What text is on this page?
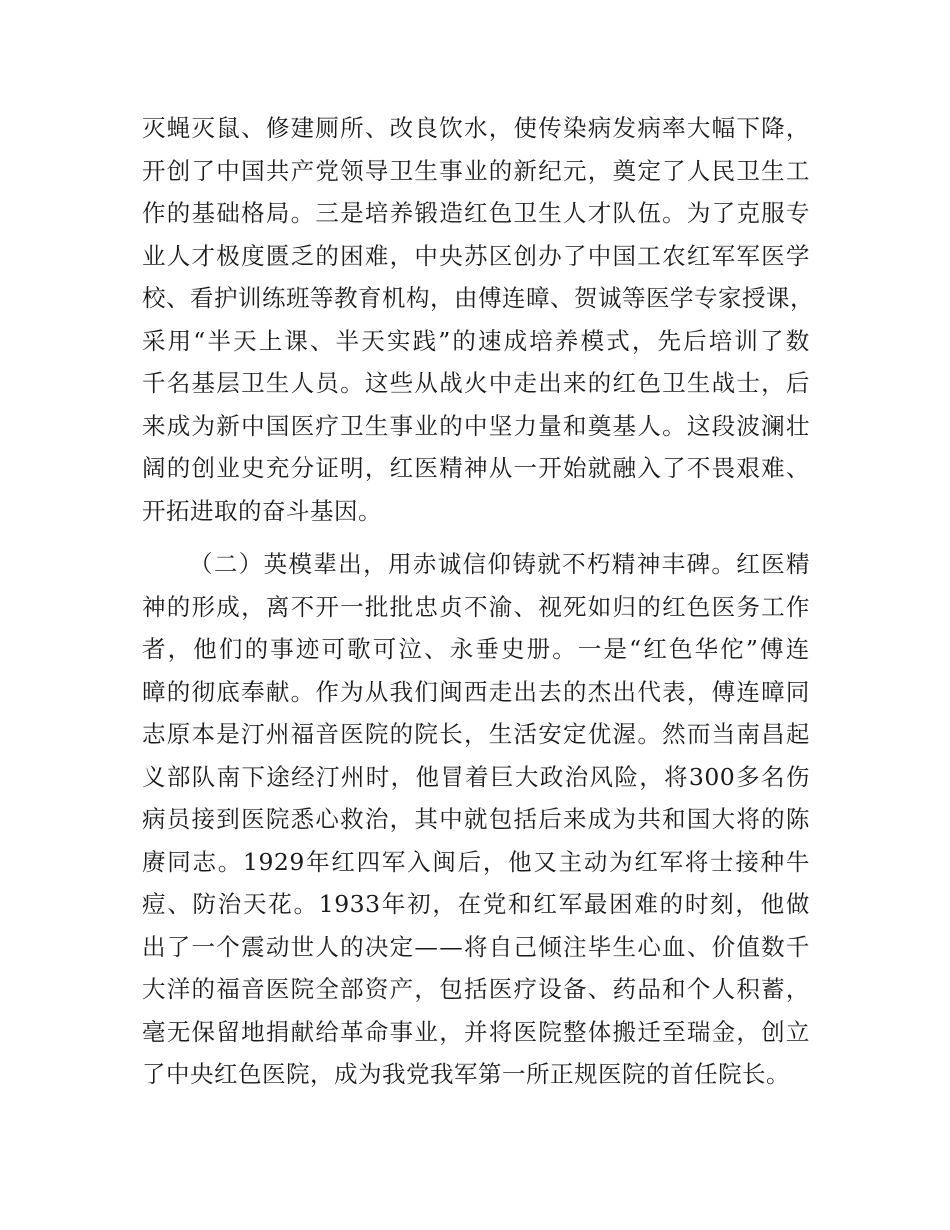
灭 蝇 灭 鼠 、 修 建 厕 所 、 改 良 饮 水 ， 使 传 染 病 发 病 率 大 幅 下 降 ，
开 创 了 中 国 共 产 党 领 导 卫 生 事 业 的 新 纪 元 ， 奠 定 了 人 民 卫 生 工
作 的 基 础 格 局 。 三 是 培 养 锻 造 红 色 卫 生 人 才 队 伍 。 为 了 克 服 专
业 人 才 极 度 匮 乏 的 困 难 ， 中 央 苏 区 创 办 了 中 国 工 农 红 军 军 医 学
校 、 看 护 训 练 班 等 教 育 机 构 ， 由 傅 连 暲 、 贺 诚 等 医 学 专 家 授 课 ，
采 用 “ 半 天 上 课 、 半 天 实 践 ” 的 速 成 培 养 模 式 ， 先 后 培 训 了 数
千 名 基 层 卫 生 人 员 。 这 些 从 战 火 中 走 出 来 的 红 色 卫 生 战 士 ， 后
来 成 为 新 中 国 医 疗 卫 生 事 业 的 中 坚 力 量 和 奠 基 人 。 这 段 波 澜 壮
阔 的 创 业 史 充 分 证 明 ， 红 医 精 神 从 一 开 始 就 融 入 了 不 畏 艰 难 、
开拓进取的奋斗基因。
（ 二 ） 英 模 辈 出 ， 用 赤 诚 信 仰 铸 就 不 朽 精 神 丰 碑 。 红 医 精
神 的 形 成 ， 离 不 开 一 批 批 忠 贞 不 渝 、 视 死 如 归 的 红 色 医 务 工 作
者 ， 他 们 的 事 迹 可 歌 可 泣 、 永 垂 史 册 。 一 是 “ 红 色 华 佗 ” 傅 连
暲 的 彻 底 奉 献 。 作 为 从 我 们 闽 西 走 出 去 的 杰 出 代 表 ， 傅 连 暲 同
志 原 本 是 汀 州 福 音 医 院 的 院 长 ， 生 活 安 定 优 渥 。 然 而 当 南 昌 起
义 部 队 南 下 途 经 汀 州 时 ， 他 冒 着 巨 大 政 治 风 险 ， 将 300 多 名 伤
病 员 接 到 医 院 悉 心 救 治 ， 其 中 就 包 括 后 来 成 为 共 和 国 大 将 的 陈
赓 同 志 。 1929 年 红 四 军 入 闽 后 ， 他 又 主 动 为 红 军 将 士 接 种 牛
痘 、 防 治 天 花 。 1933 年 初 ， 在 党 和 红 军 最 困 难 的 时 刻 ， 他 做
出 了 一 个 震 动 世 人 的 决 定 — — 将 自 己 倾 注 毕 生 心 血 、 价 值 数 千
大 洋 的 福 音 医 院 全 部 资 产 ， 包 括 医 疗 设 备 、 药 品 和 个 人 积 蓄 ，
毫 无 保 留 地 捐 献 给 革 命 事 业 ， 并 将 医 院 整 体 搬 迁 至 瑞 金 ， 创 立
了中央红色医院，成为我党我军第一所正规医院的首任院长。
